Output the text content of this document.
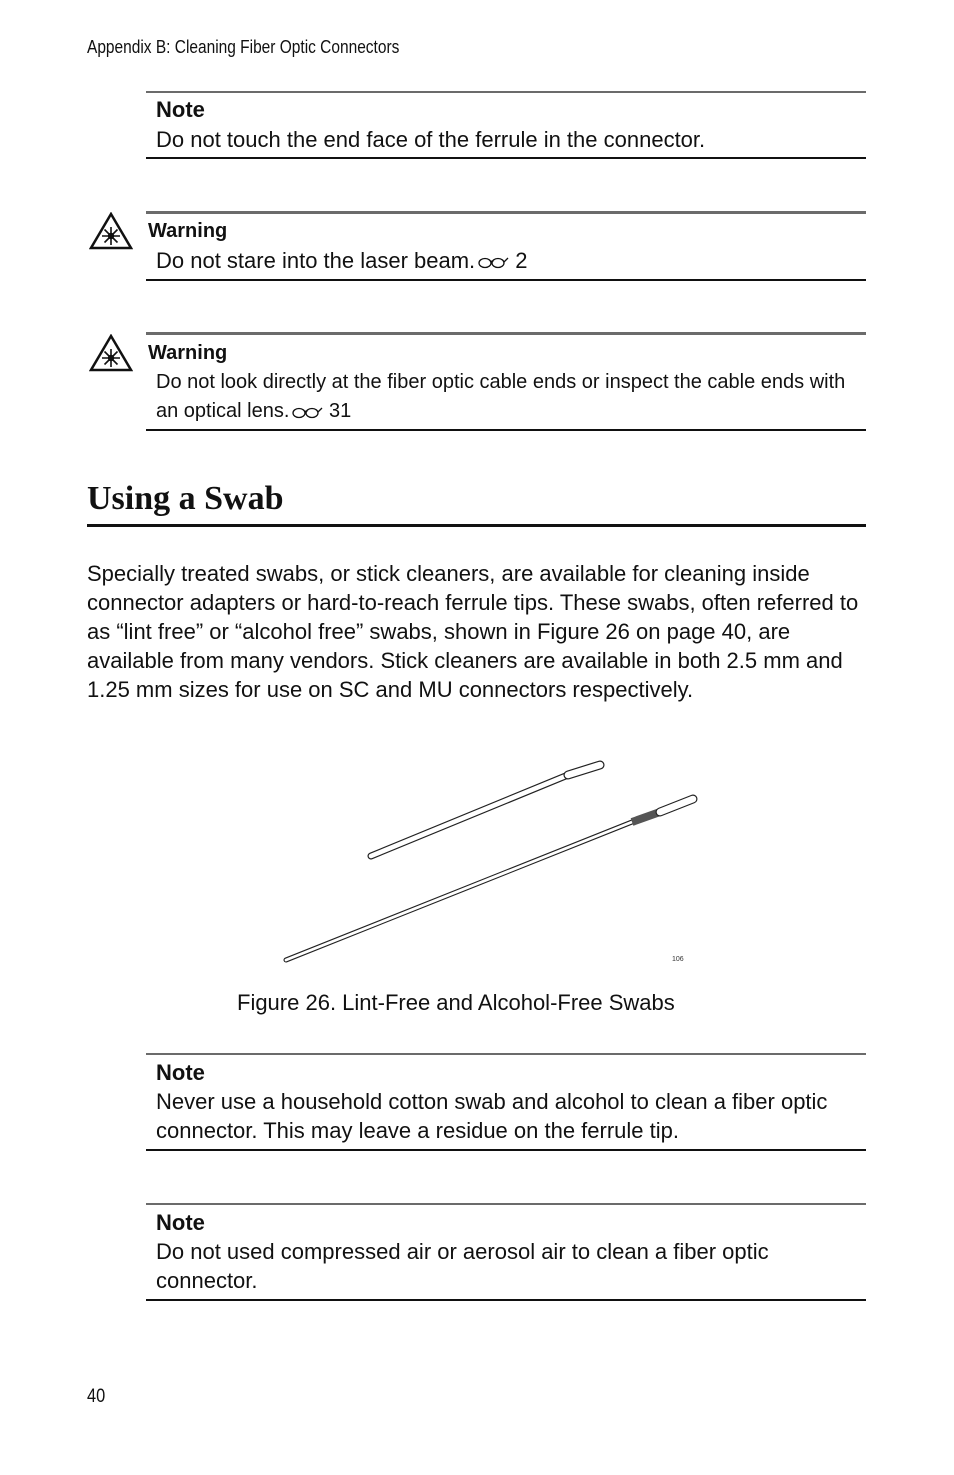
Appendix B: Cleaning Fiber Optic Connectors
Note
Do not touch the end face of the ferrule in the connector.
Warning
Do not stare into the laser beam. 2
Warning
Do not look directly at the fiber optic cable ends or inspect the cable ends with an optical lens. 31
Using a Swab
Specially treated swabs, or stick cleaners, are available for cleaning inside connector adapters or hard-to-reach ferrule tips. These swabs, often referred to as “lint free” or “alcohol free” swabs, shown in Figure 26 on page 40, are available from many vendors. Stick cleaners are available in both 2.5 mm and 1.25 mm sizes for use on SC and MU connectors respectively.
106
Figure 26. Lint-Free and Alcohol-Free Swabs
Note
Never use a household cotton swab and alcohol to clean a fiber optic connector. This may leave a residue on the ferrule tip.
Note
Do not used compressed air or aerosol air to clean a fiber optic connector.
40
